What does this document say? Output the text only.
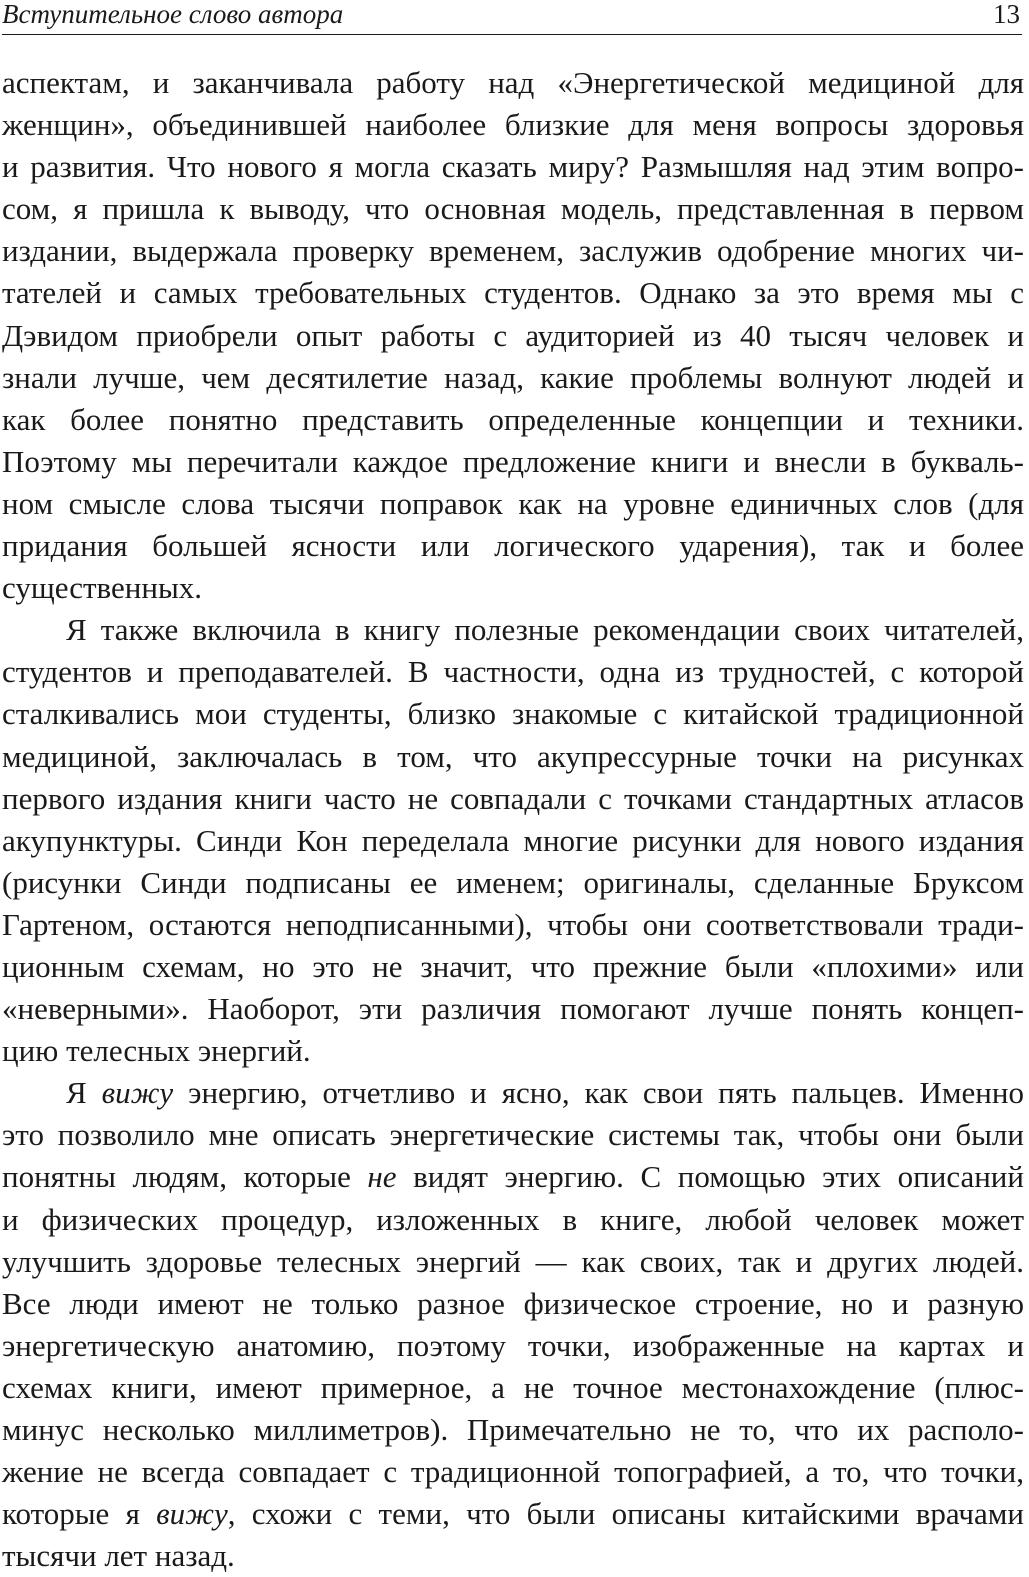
Вступительное слово автора	13
аспектам, и заканчивала работу над «Энергетической медициной для
женщин», объединившей наиболее близкие для меня вопросы здоровья
и развития. Что нового я могла сказать миру? Размышляя над этим вопро-
сом, я пришла к выводу, что основная модель, представленная в первом
издании, выдержала проверку временем, заслужив одобрение многих чи-
тателей и самых требовательных студентов. Однако за это время мы с
Дэвидом приобрели опыт работы с аудиторией из 40 тысяч человек и
знали лучше, чем десятилетие назад, какие проблемы волнуют людей и
как более понятно представить определенные концепции и техники.
Поэтому мы перечитали каждое предложение книги и внесли в букваль-
ном смысле слова тысячи поправок как на уровне единичных слов (для
придания большей ясности или логического ударения), так и более
существенных.
Я также включила в книгу полезные рекомендации своих читателей,
студентов и преподавателей. В частности, одна из трудностей, с которой
сталкивались мои студенты, близко знакомые с китайской традиционной
медициной, заключалась в том, что акупрессурные точки на рисунках
первого издания книги часто не совпадали с точками стандартных атласов
акупунктуры. Синди Кон переделала многие рисунки для нового издания
(рисунки Синди подписаны ее именем; оригиналы, сделанные Бруксом
Гартеном, остаются неподписанными), чтобы они соответствовали тради-
ционным схемам, но это не значит, что прежние были «плохими» или
«неверными». Наоборот, эти различия помогают лучше понять концеп-
цию телесных энергий.
Я вижу энергию, отчетливо и ясно, как свои пять пальцев. Именно
это позволило мне описать энергетические системы так, чтобы они были
понятны людям, которые не видят энергию. С помощью этих описаний
и физических процедур, изложенных в книге, любой человек может
улучшить здоровье телесных энергий — как своих, так и других людей.
Все люди имеют не только разное физическое строение, но и разную
энергетическую анатомию, поэтому точки, изображенные на картах и
схемах книги, имеют примерное, а не точное местонахождение (плюс-
минус несколько миллиметров). Примечательно не то, что их располо-
жение не всегда совпадает с традиционной топографией, а то, что точки,
которые я вижу, схожи с теми, что были описаны китайскими врачами
тысячи лет назад.
